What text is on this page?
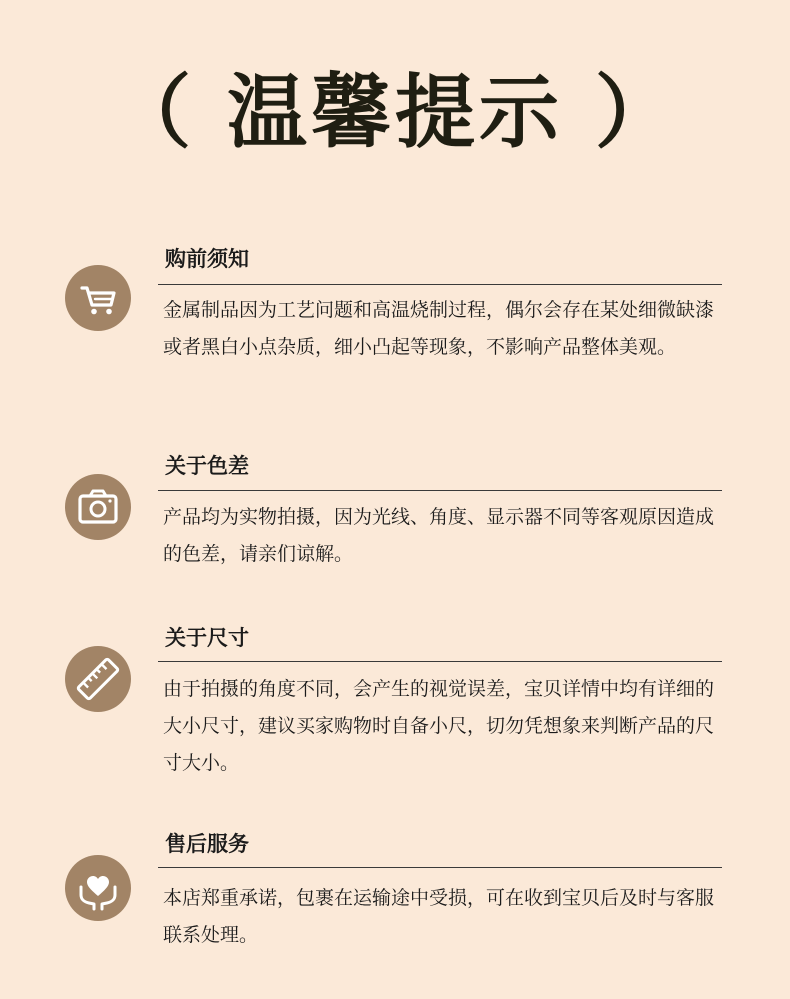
（ 温馨提示 ）
购前须知

金属制品因为工艺问题和高温烧制过程，偶尔会存在某处细微缺漆或者黑白小点杂质，细小凸起等现象，不影响产品整体美观。

关于色差

产品均为实物拍摄，因为光线、角度、显示器不同等客观原因造成的色差，请亲们谅解。

关于尺寸

由于拍摄的角度不同，会产生的视觉误差，宝贝详情中均有详细的大小尺寸，建议买家购物时自备小尺，切勿凭想象来判断产品的尺寸大小。

售后服务

本店郑重承诺，包裹在运输途中受损，可在收到宝贝后及时与客服联系处理。
